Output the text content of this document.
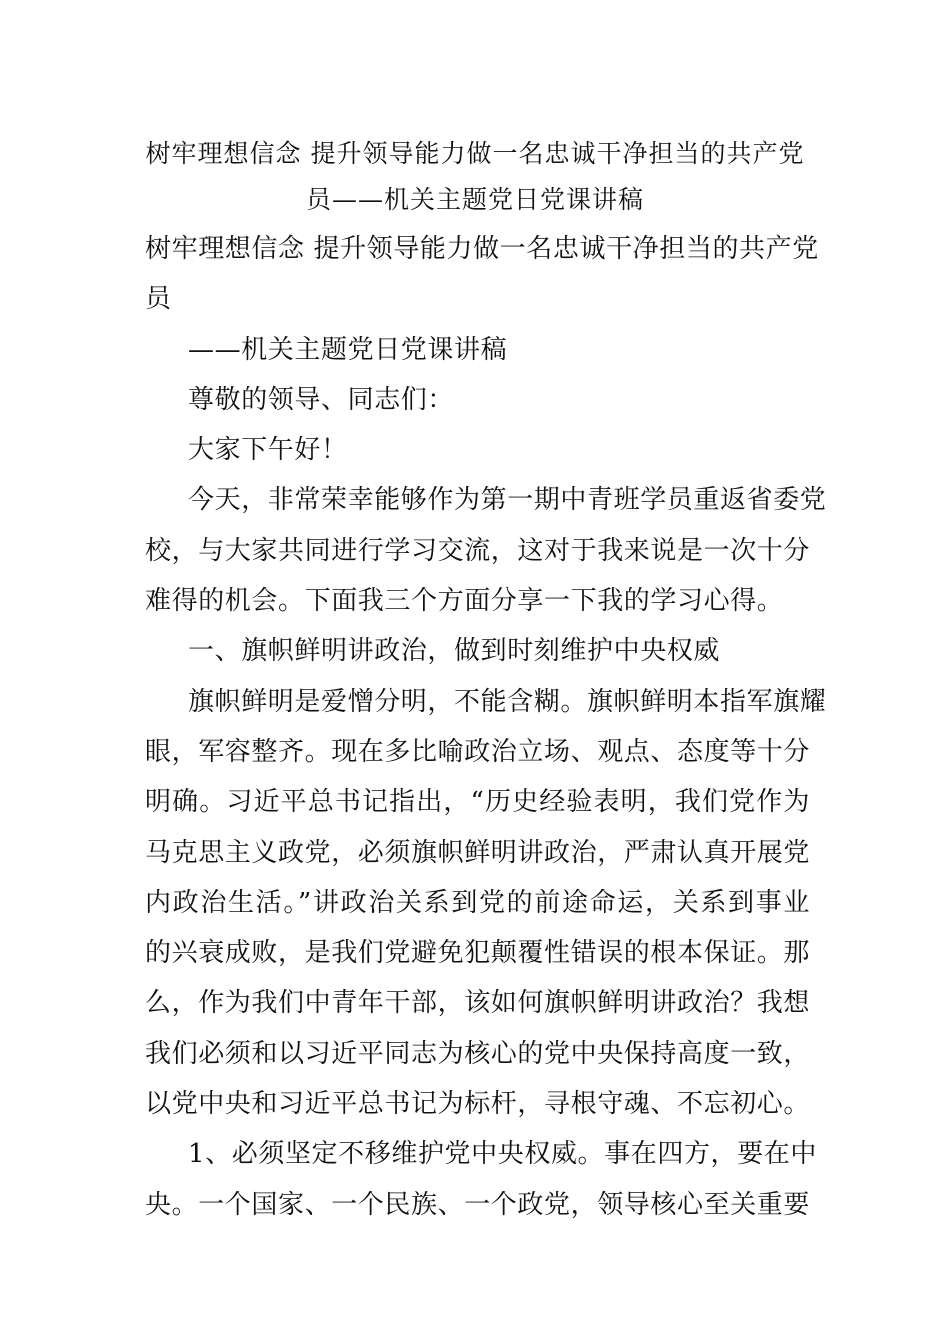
树牢理想信念 提升领导能力做一名忠诚干净担当的共产党
员——机关主题党日党课讲稿
树牢理想信念 提升领导能力做一名忠诚干净担当的共产党
员
——机关主题党日党课讲稿
尊敬的领导、同志们：
大家下午好！
今天，非常荣幸能够作为第一期中青班学员重返省委党
校，与大家共同进行学习交流，这对于我来说是一次十分
难得的机会。下面我三个方面分享一下我的学习心得。
一、旗帜鲜明讲政治，做到时刻维护中央权威
旗帜鲜明是爱憎分明，不能含糊。旗帜鲜明本指军旗耀
眼，军容整齐。现在多比喻政治立场、观点、态度等十分
明确。习近平总书记指出，“历史经验表明，我们党作为
马克思主义政党，必须旗帜鲜明讲政治，严肃认真开展党
内政治生活。”讲政治关系到党的前途命运，关系到事业
的兴衰成败，是我们党避免犯颠覆性错误的根本保证。那
么，作为我们中青年干部，该如何旗帜鲜明讲政治？我想
我们必须和以习近平同志为核心的党中央保持高度一致，
以党中央和习近平总书记为标杆，寻根守魂、不忘初心。
1、必须坚定不移维护党中央权威。事在四方，要在中
央。一个国家、一个民族、一个政党，领导核心至关重要
